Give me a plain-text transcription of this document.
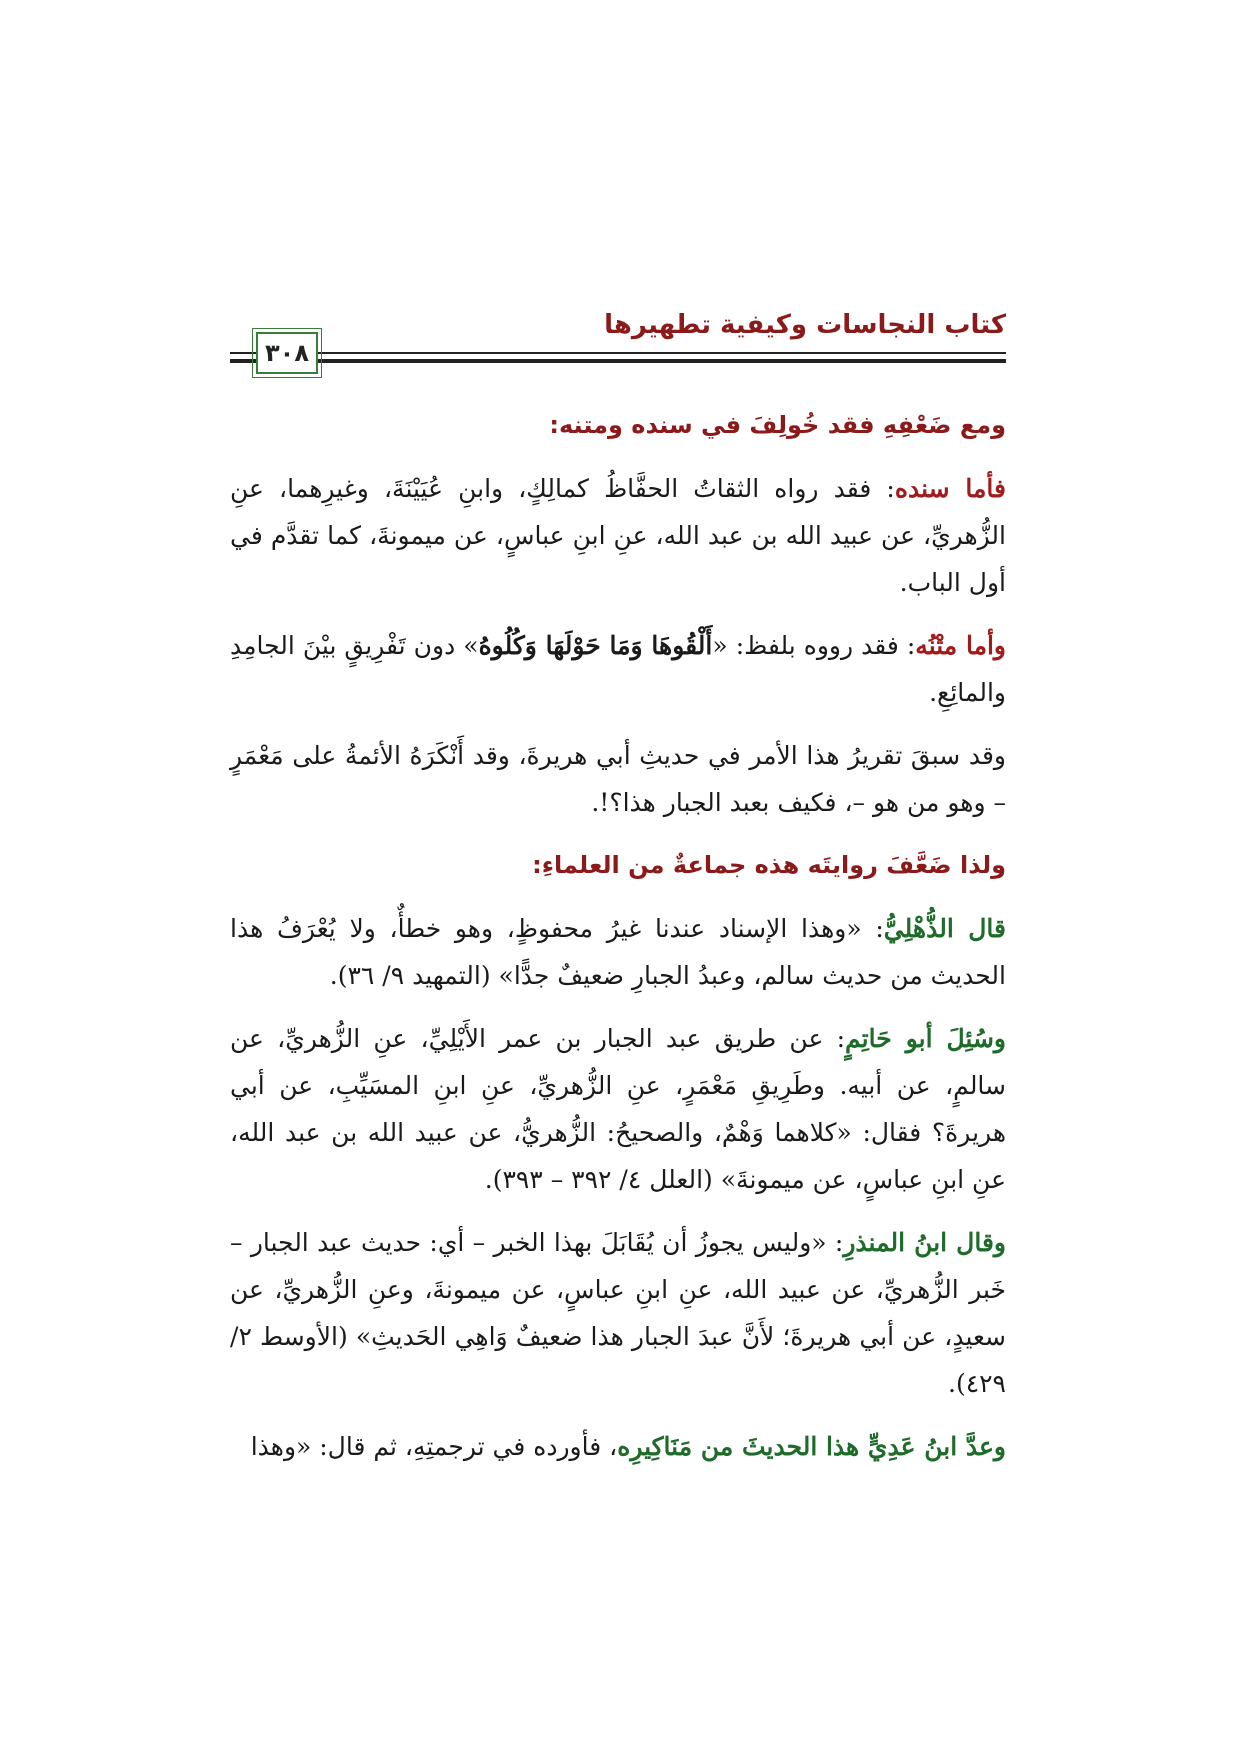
كتاب النجاسات وكيفية تطهيرها
٣٠٨

ومع ضَعْفِهِ فقد خُولِفَ في سنده ومتنه:

فأما سنده: فقد رواه الثقاتُ الحفَّاظُ كمالِكٍ، وابنِ عُيَيْنَةَ، وغيرِهما، عنِ الزُّهريِّ، عن عبيد الله بن عبد الله، عنِ ابنِ عباسٍ، عن ميمونةَ، كما تقدَّم في أول الباب.

وأما متْنُه: فقد رووه بلفظ: «أَلْقُوهَا وَمَا حَوْلَهَا وَكُلُوهُ» دون تَفْرِيقٍ بيْنَ الجامِدِ والمائِعِ.

وقد سبقَ تقريرُ هذا الأمر في حديثِ أبي هريرةَ، وقد أَنْكَرَهُ الأئمةُ على مَعْمَرٍ – وهو من هو –، فكيف بعبد الجبار هذا؟!.

ولذا ضَعَّفَ روايتَه هذه جماعةٌ من العلماءِ:

قال الذُّهْلِيُّ: «وهذا الإسناد عندنا غيرُ محفوظٍ، وهو خطأٌ، ولا يُعْرَفُ هذا الحديث من حديث سالم، وعبدُ الجبارِ ضعيفٌ جدًّا» (التمهيد ٩/ ٣٦).

وسُئِلَ أبو حَاتِمٍ: عن طريق عبد الجبار بن عمر الأَيْلِيِّ، عنِ الزُّهريِّ، عن سالمٍ، عن أبيه. وطَرِيقِ مَعْمَرٍ، عنِ الزُّهريِّ، عنِ ابنِ المسَيِّبِ، عن أبي هريرةَ؟ فقال: «كلاهما وَهْمٌ، والصحيحُ: الزُّهريُّ، عن عبيد الله بن عبد الله، عنِ ابنِ عباسٍ، عن ميمونةَ» (العلل ٤/ ٣٩٢ – ٣٩٣).

وقال ابنُ المنذرِ: «وليس يجوزُ أن يُقَابَلَ بهذا الخبر – أي: حديث عبد الجبار – خَبر الزُّهريِّ، عن عبيد الله، عنِ ابنِ عباسٍ، عن ميمونةَ، وعنِ الزُّهريِّ، عن سعيدٍ، عن أبي هريرةَ؛ لأَنَّ عبدَ الجبار هذا ضعيفٌ وَاهِي الحَديثِ» (الأوسط ٢/ ٤٢٩).

وعدَّ ابنُ عَدِيٍّ هذا الحديثَ من مَنَاكِيرِه، فأورده في ترجمتِهِ، ثم قال: «وهذا
